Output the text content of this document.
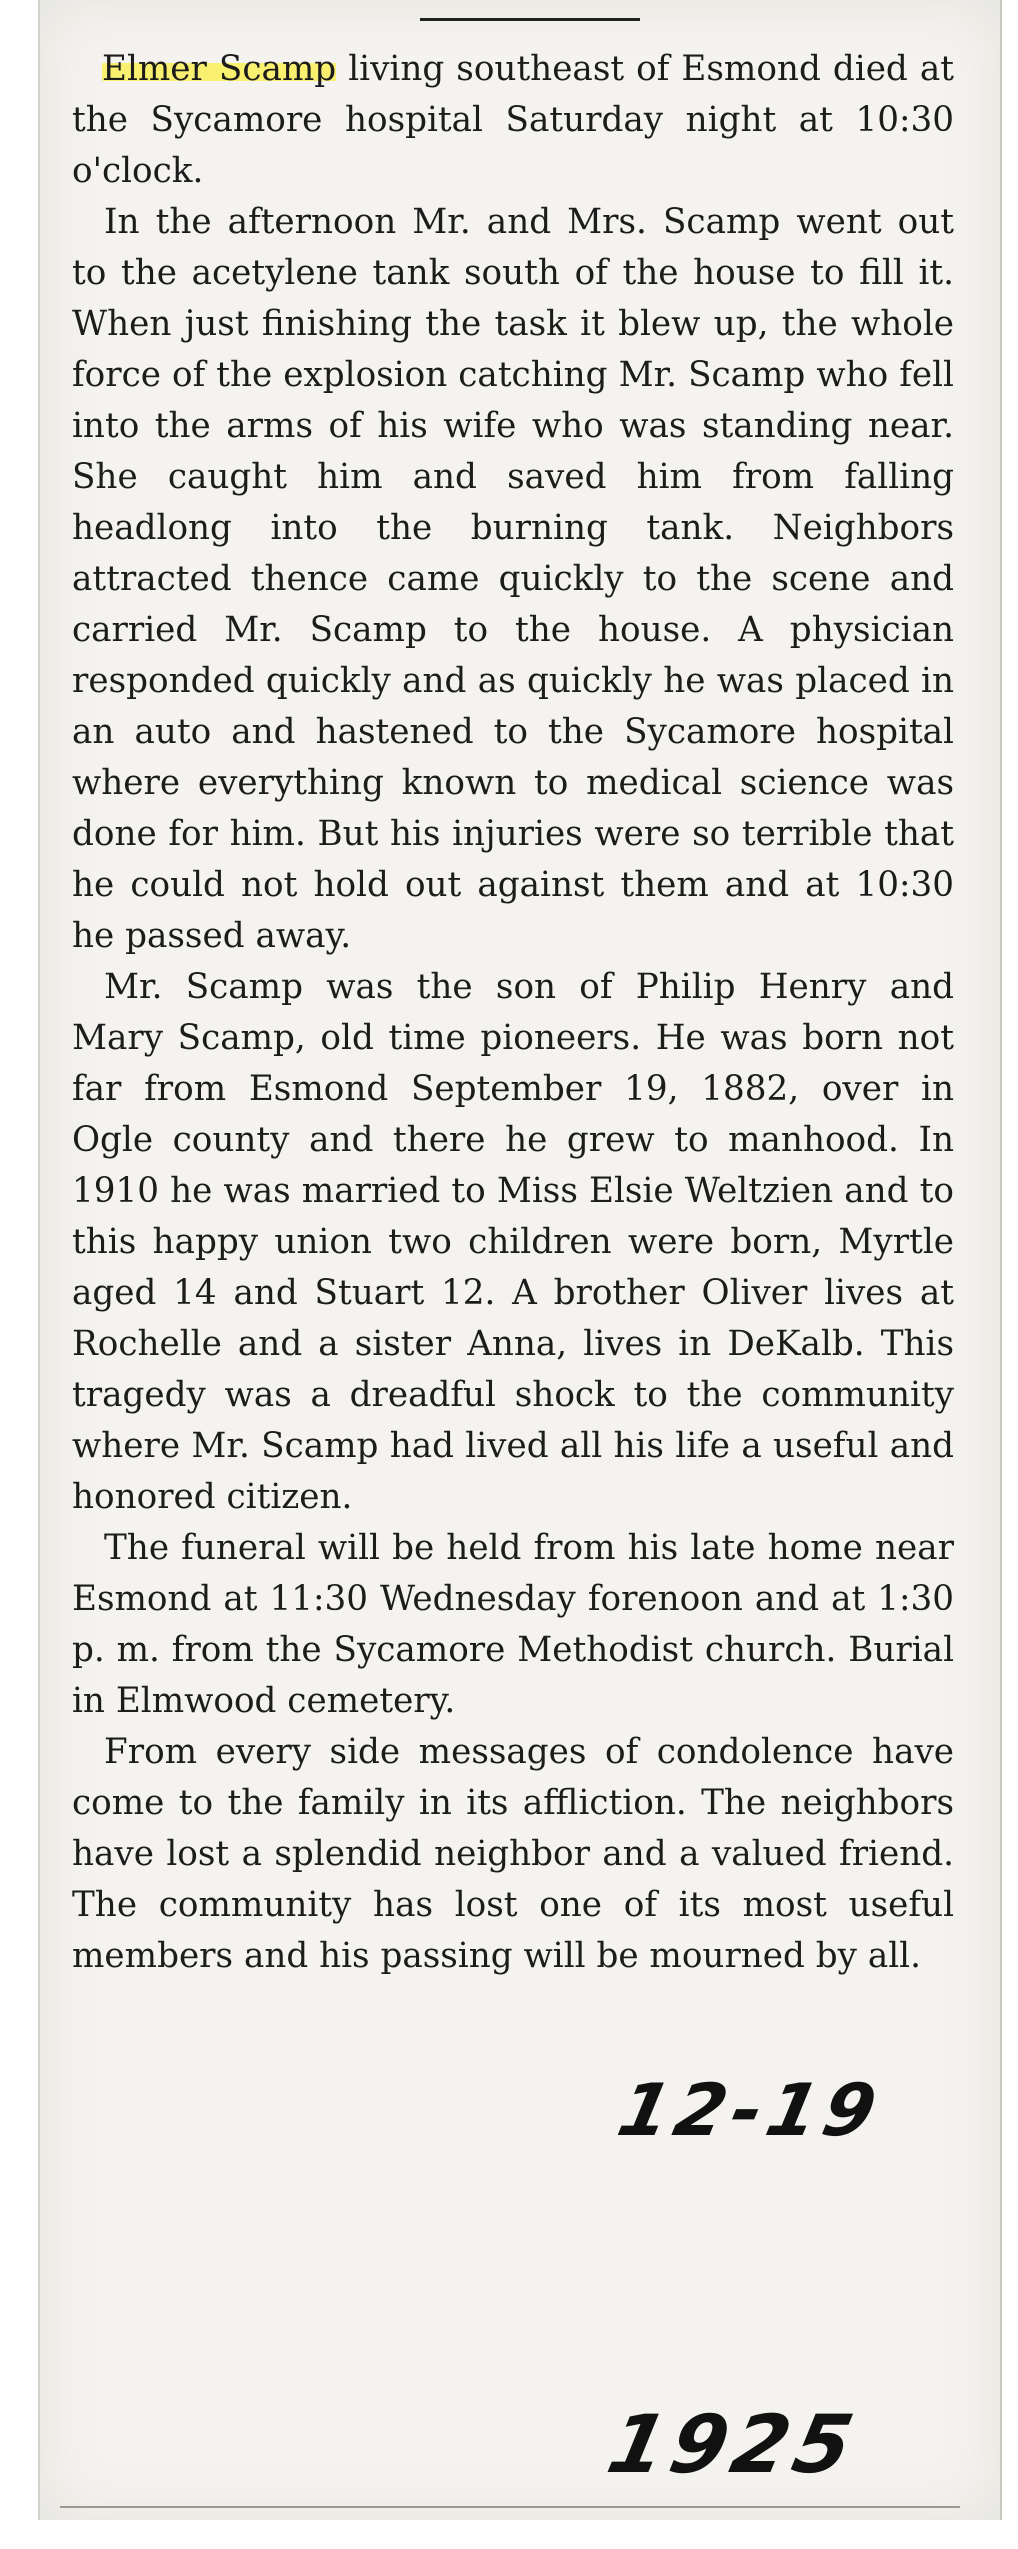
Elmer Scamp living southeast of Esmond died at the Sycamore hospital Saturday night at 10:30 o'clock.

In the afternoon Mr. and Mrs. Scamp went out to the acetylene tank south of the house to fill it. When just finishing the task it blew up, the whole force of the explosion catching Mr. Scamp who fell into the arms of his wife who was standing near. She caught him and saved him from falling headlong into the burning tank. Neighbors attracted thence came quickly to the scene and carried Mr. Scamp to the house. A physician responded quickly and as quickly he was placed in an auto and hastened to the Sycamore hospital where everything known to medical science was done for him. But his injuries were so terrible that he could not hold out against them and at 10:30 he passed away.

Mr. Scamp was the son of Philip Henry and Mary Scamp, old time pioneers. He was born not far from Esmond September 19, 1882, over in Ogle county and there he grew to manhood. In 1910 he was married to Miss Elsie Weltzien and to this happy union two children were born, Myrtle aged 14 and Stuart 12. A brother Oliver lives at Rochelle and a sister Anna, lives in DeKalb. This tragedy was a dreadful shock to the community where Mr. Scamp had lived all his life a useful and honored citizen.

The funeral will be held from his late home near Esmond at 11:30 Wednesday forenoon and at 1:30 p. m. from the Sycamore Methodist church. Burial in Elmwood cemetery.

From every side messages of condolence have come to the family in its affliction. The neighbors have lost a splendid neighbor and a valued friend. The community has lost one of its most useful members and his passing will be mourned by all.

12-19
1925
